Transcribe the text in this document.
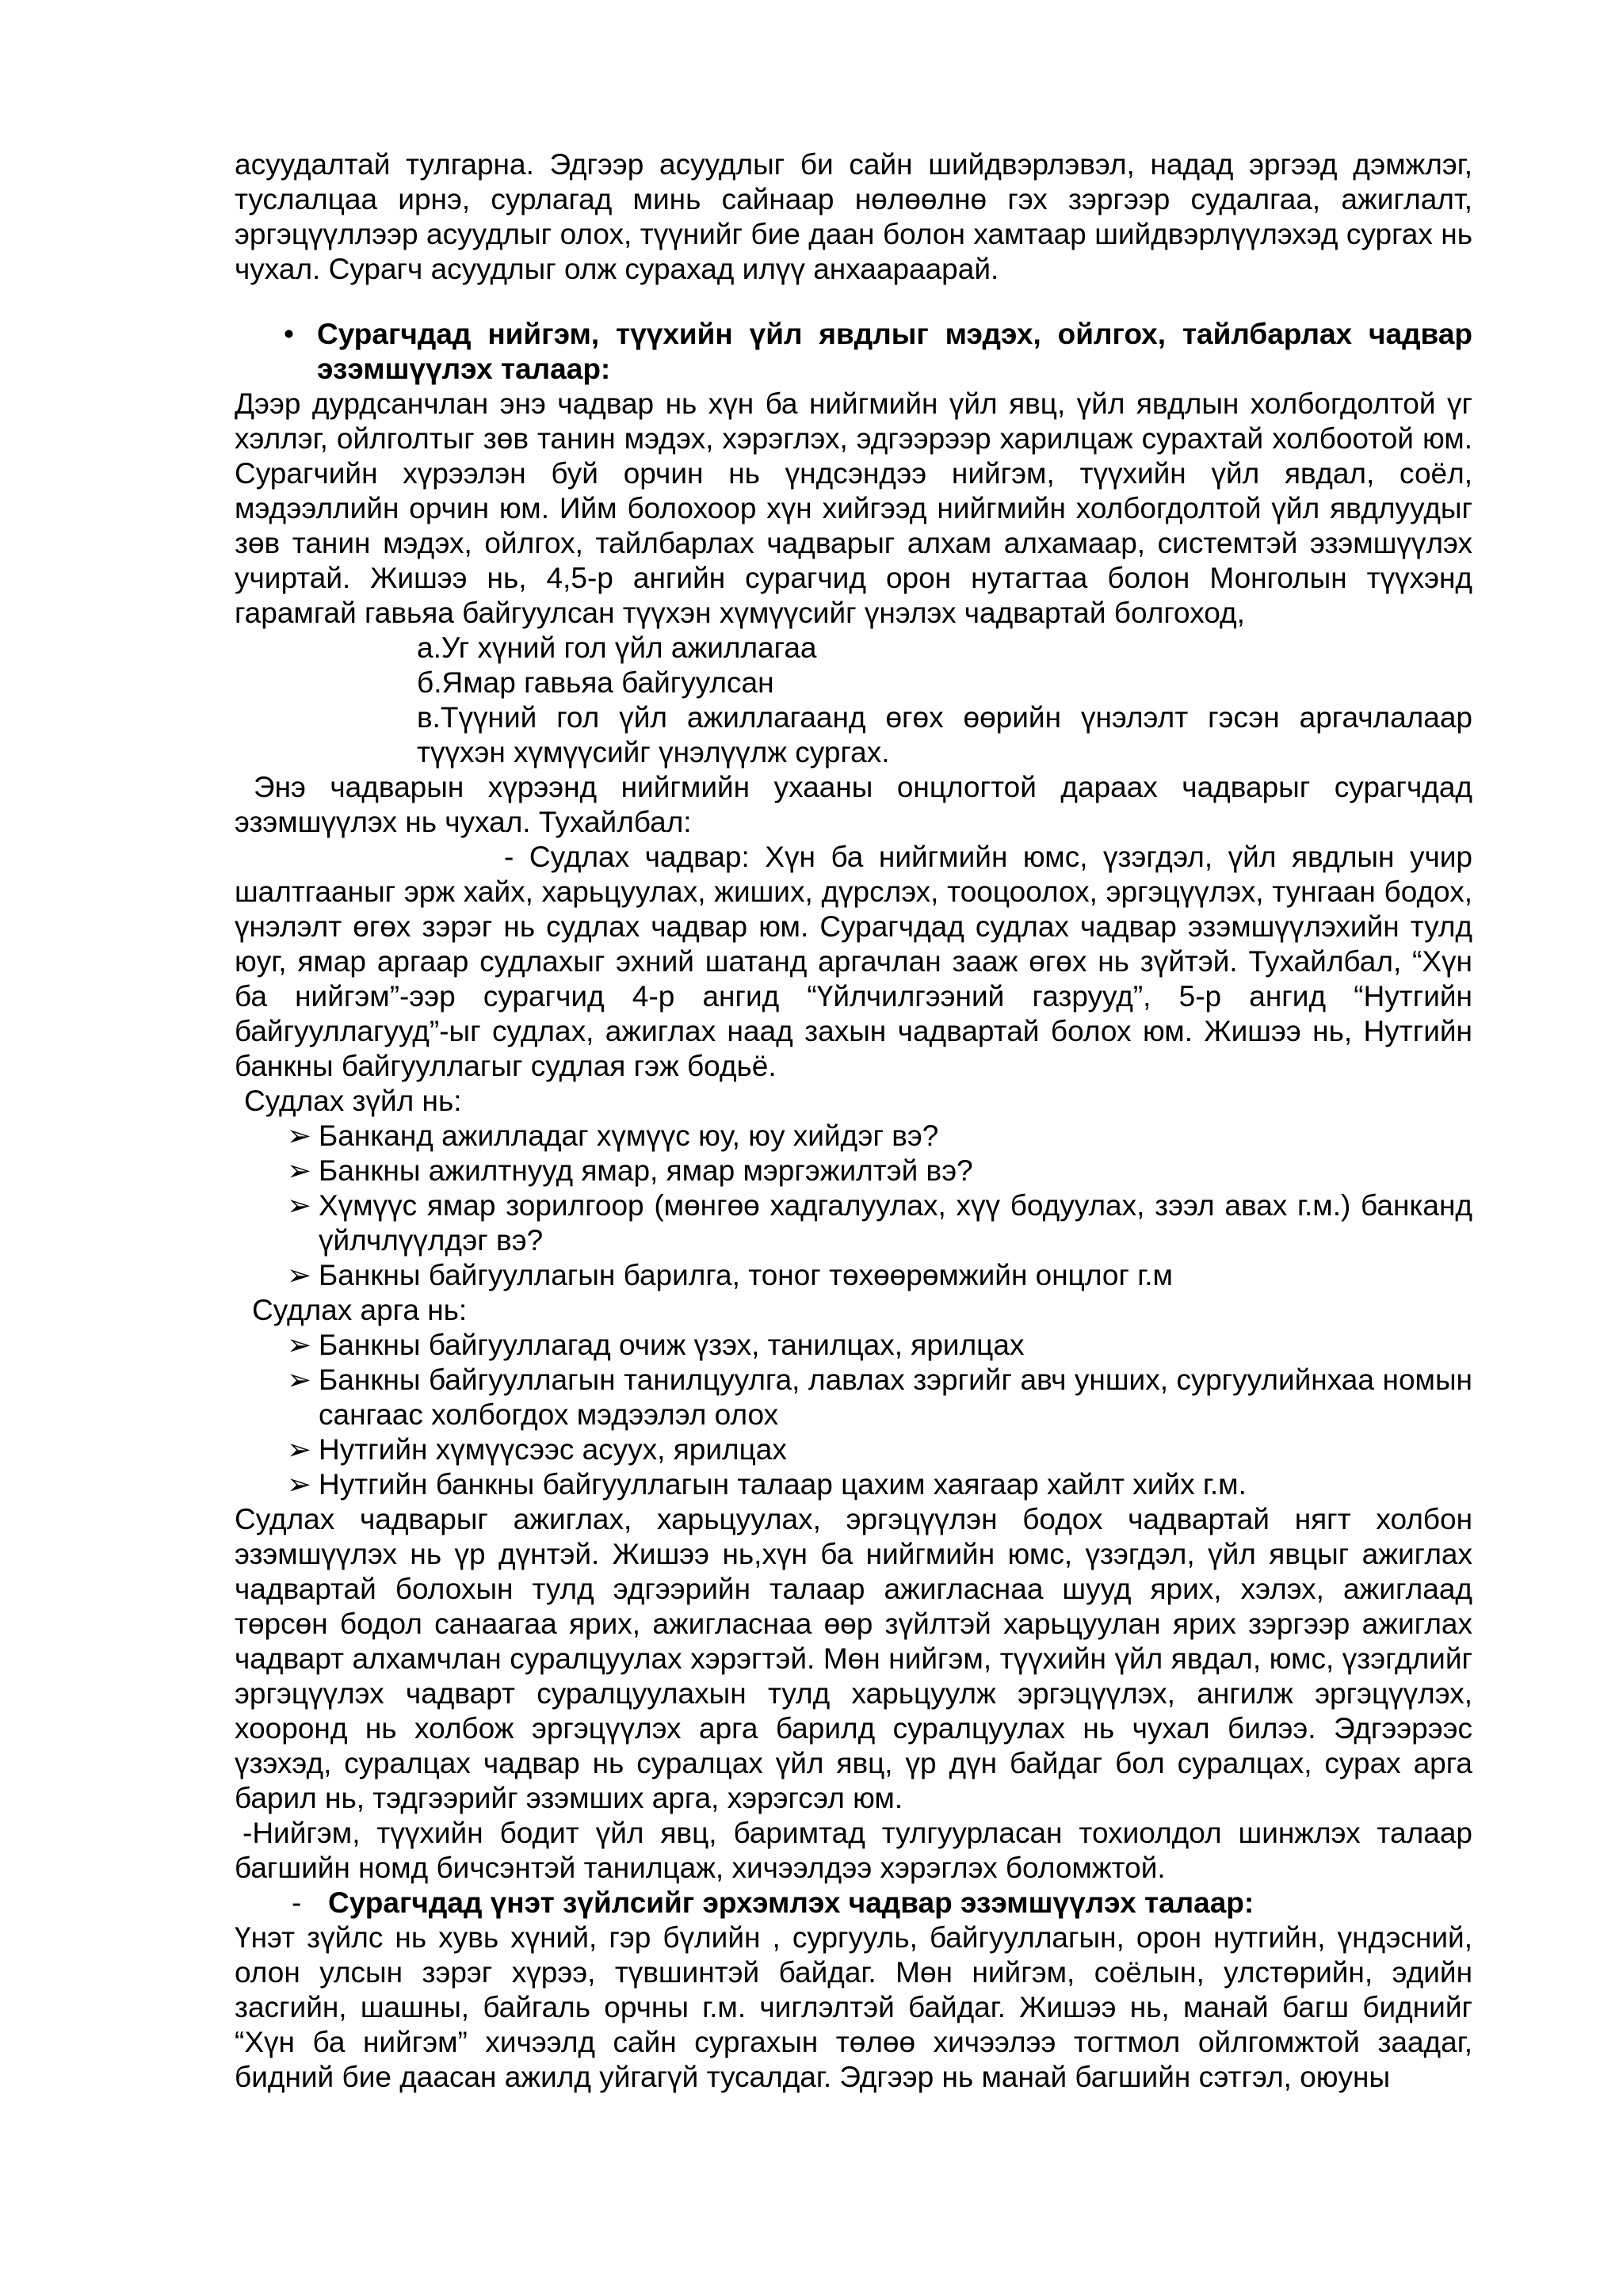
асуудалтай тулгарна. Эдгээр асуудлыг би сайн шийдвэрлэвэл, надад эргээд дэмжлэг, туслалцаа ирнэ, сурлагад минь сайнаар нөлөөлнө гэх зэргээр судалгаа, ажиглалт, эргэцүүллээр асуудлыг олох, түүнийг бие даан болон хамтаар шийдвэрлүүлэхэд сургах нь чухал. Сурагч асуудлыг олж сурахад илүү анхаараарай.

• Сурагчдад нийгэм, түүхийн үйл явдлыг мэдэх, ойлгох, тайлбарлах чадвар эзэмшүүлэх талаар:

Дээр дурдсанчлан энэ чадвар нь хүн ба нийгмийн үйл явц, үйл явдлын холбогдолтой үг хэллэг, ойлголтыг зөв танин мэдэх, хэрэглэх, эдгээрээр харилцаж сурахтай холбоотой юм. Сурагчийн хүрээлэн буй орчин нь үндсэндээ нийгэм, түүхийн үйл явдал, соёл, мэдээллийн орчин юм. Ийм болохоор хүн хийгээд нийгмийн холбогдолтой үйл явдлуудыг зөв танин мэдэх, ойлгох, тайлбарлах чадварыг алхам алхамаар, системтэй эзэмшүүлэх учиртай. Жишээ нь, 4,5-р ангийн сурагчид орон нутагтаа болон Монголын түүхэнд гарамгай гавьяа байгуулсан түүхэн хүмүүсийг үнэлэх чадвартай болгоход,

а.Уг хүний гол үйл ажиллагаа

б.Ямар гавьяа байгуулсан

в.Түүний гол үйл ажиллагаанд өгөх өөрийн үнэлэлт гэсэн аргачлалаар түүхэн хүмүүсийг үнэлүүлж сургах.

Энэ чадварын хүрээнд нийгмийн ухааны онцлогтой дараах чадварыг сурагчдад эзэмшүүлэх нь чухал. Тухайлбал:

- Судлах чадвар: Хүн ба нийгмийн юмс, үзэгдэл, үйл явдлын учир шалтгааныг эрж хайх, харьцуулах, жиших, дүрслэх, тооцоолох, эргэцүүлэх, тунгаан бодох, үнэлэлт өгөх зэрэг нь судлах чадвар юм. Сурагчдад судлах чадвар эзэмшүүлэхийн тулд юуг, ямар аргаар судлахыг эхний шатанд аргачлан зааж өгөх нь зүйтэй. Тухайлбал, “Хүн ба нийгэм”-ээр сурагчид 4-р ангид “Үйлчилгээний газрууд”, 5-р ангид “Нутгийн байгууллагууд”-ыг судлах, ажиглах наад захын чадвартай болох юм. Жишээ нь, Нутгийн банкны байгууллагыг судлая гэж бодьё.

Судлах зүйл нь:

➢ Банканд ажилладаг хүмүүс юу, юу хийдэг вэ?
➢ Банкны ажилтнууд ямар, ямар мэргэжилтэй вэ?
➢ Хүмүүс ямар зорилгоор (мөнгөө хадгалуулах, хүү бодуулах, зээл авах г.м.) банканд үйлчлүүлдэг вэ?
➢ Банкны байгууллагын барилга, тоног төхөөрөмжийн онцлог г.м

Судлах арга нь:

➢ Банкны байгууллагад очиж үзэх, танилцах, ярилцах
➢ Банкны байгууллагын танилцуулга, лавлах зэргийг авч унших, сургуулийнхаа номын сангаас холбогдох мэдээлэл олох
➢ Нутгийн хүмүүсээс асуух, ярилцах
➢ Нутгийн банкны байгууллагын талаар цахим хаягаар хайлт хийх г.м.

Судлах чадварыг ажиглах, харьцуулах, эргэцүүлэн бодох чадвартай нягт холбон эзэмшүүлэх нь үр дүнтэй. Жишээ нь,хүн ба нийгмийн юмс, үзэгдэл, үйл явцыг ажиглах чадвартай болохын тулд эдгээрийн талаар ажигласнаа шууд ярих, хэлэх, ажиглаад төрсөн бодол санаагаа ярих, ажигласнаа өөр зүйлтэй харьцуулан ярих зэргээр ажиглах чадварт алхамчлан суралцуулах хэрэгтэй. Мөн нийгэм, түүхийн үйл явдал, юмс, үзэгдлийг эргэцүүлэх чадварт суралцуулахын тулд харьцуулж эргэцүүлэх, ангилж эргэцүүлэх, хооронд нь холбож эргэцүүлэх арга барилд суралцуулах нь чухал билээ. Эдгээрээс үзэхэд, суралцах чадвар нь суралцах үйл явц, үр дүн байдаг бол суралцах, сурах арга барил нь, тэдгээрийг эзэмших арга, хэрэгсэл юм.

-Нийгэм, түүхийн бодит үйл явц, баримтад тулгуурласан тохиолдол шинжлэх талаар багшийн номд бичсэнтэй танилцаж, хичээлдээ хэрэглэх боломжтой.

- Сурагчдад үнэт зүйлсийг эрхэмлэх чадвар эзэмшүүлэх талаар:

Үнэт зүйлс нь хувь хүний, гэр бүлийн , сургууль, байгууллагын, орон нутгийн, үндэсний, олон улсын зэрэг хүрээ, түвшинтэй байдаг. Мөн нийгэм, соёлын, улстөрийн, эдийн засгийн, шашны, байгаль орчны г.м. чиглэлтэй байдаг. Жишээ нь, манай багш биднийг “Хүн ба нийгэм” хичээлд сайн сургахын төлөө хичээлээ тогтмол ойлгомжтой заадаг, бидний бие даасан ажилд уйгагүй тусалдаг. Эдгээр нь манай багшийн сэтгэл, оюуны
